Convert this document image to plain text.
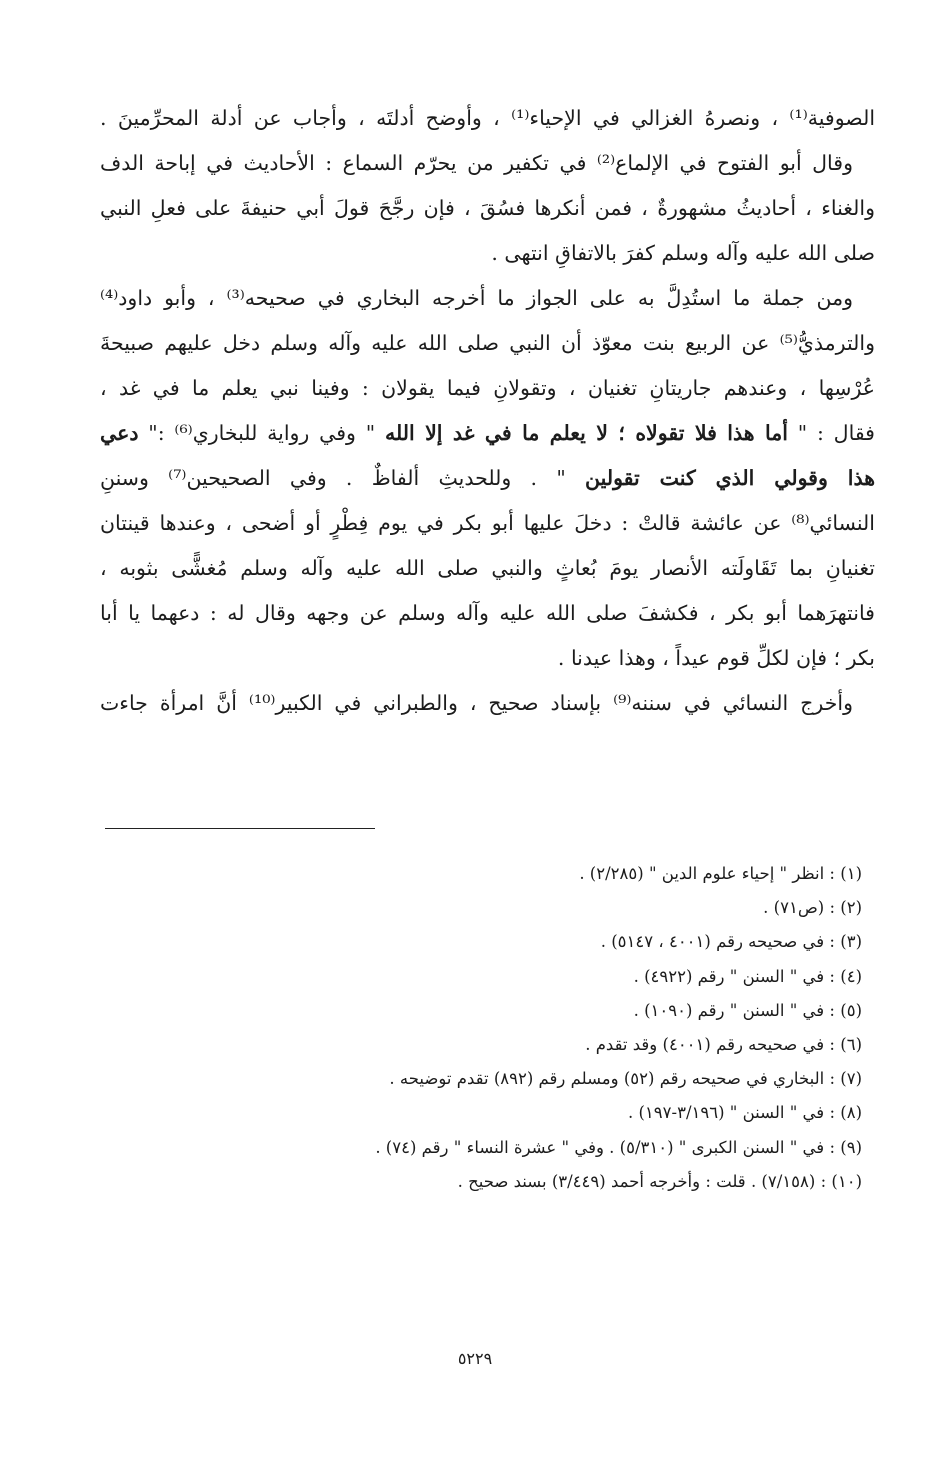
الصوفية⁽¹⁾ ، ونصرهُ الغزالي في الإحياء⁽¹⁾ ، وأوضح أدلتَه ، وأجاب عن أدلة المحرِّمينَ .
وقال أبو الفتوح في الإلماع⁽²⁾ في تكفير من يحرّم السماع : الأحاديث في إباحة الدف
والغناء ، أحاديثُ مشهورةٌ ، فمن أنكرها فسُقَ ، فإن رجَّحَ قولَ أبي حنيفةَ على فعلِ النبي
صلى الله عليه وآله وسلم كفرَ بالاتفاقِ انتهى .
ومن جملة ما استُدِلَّ به على الجواز ما أخرجه البخاري في صحيحه⁽³⁾ ، وأبو داود⁽⁴⁾
والترمذيُّ⁽⁵⁾ عن الربيع بنت معوّذ أن النبي صلى الله عليه وآله وسلم دخل عليهم صبيحةَ
عُرْسِها ، وعندهم جاريتانِ تغنيان ، وتقولانِ فيما يقولان : وفينا نبي يعلم ما في غد ،
فقال : " أما هذا فلا تقولاه ؛ لا يعلم ما في غد إلا الله " وفي رواية للبخاري⁽⁶⁾ :" دعي
هذا وقولي الذي كنت تقولين " . وللحديثِ ألفاظٌ . وفي الصحيحين⁽⁷⁾ وسننِ
النسائي⁽⁸⁾ عن عائشة قالتْ : دخلَ عليها أبو بكر في يوم فِطْرٍ أو أضحى ، وعندها قينتان
تغنيانِ بما تَقَاولَته الأنصار يومَ بُعاثٍ والنبي صلى الله عليه وآله وسلم مُغشًّى بثوبه ،
فانتهرَهما أبو بكر ، فكشفَ صلى الله عليه وآله وسلم عن وجهه وقال له : دعهما يا أبا
بكر ؛ فإن لكلِّ قوم عيداً ، وهذا عيدنا .
وأخرج النسائي في سننه⁽⁹⁾ بإسناد صحيح ، والطبراني في الكبير⁽¹⁰⁾ أنَّ امرأة جاءت
(١) : انظر " إحياء علوم الدين " (٢/٢٨٥) .
(٢) : (ص٧١) .
(٣) : في صحيحه رقم (٤٠٠١ ، ٥١٤٧) .
(٤) : في " السنن " رقم (٤٩٢٢) .
(٥) : في " السنن " رقم (١٠٩٠) .
(٦) : في صحيحه رقم (٤٠٠١) وقد تقدم .
(٧) : البخاري في صحيحه رقم (٥٢) ومسلم رقم (٨٩٢) تقدم توضيحه .
(٨) : في " السنن " (٣/١٩٦-١٩٧) .
(٩) : في " السنن الكبرى " (٥/٣١٠) . وفي " عشرة النساء " رقم (٧٤) .
(١٠) : (٧/١٥٨) . قلت : وأخرجه أحمد (٣/٤٤٩) بسند صحيح .
٥٢٢٩
